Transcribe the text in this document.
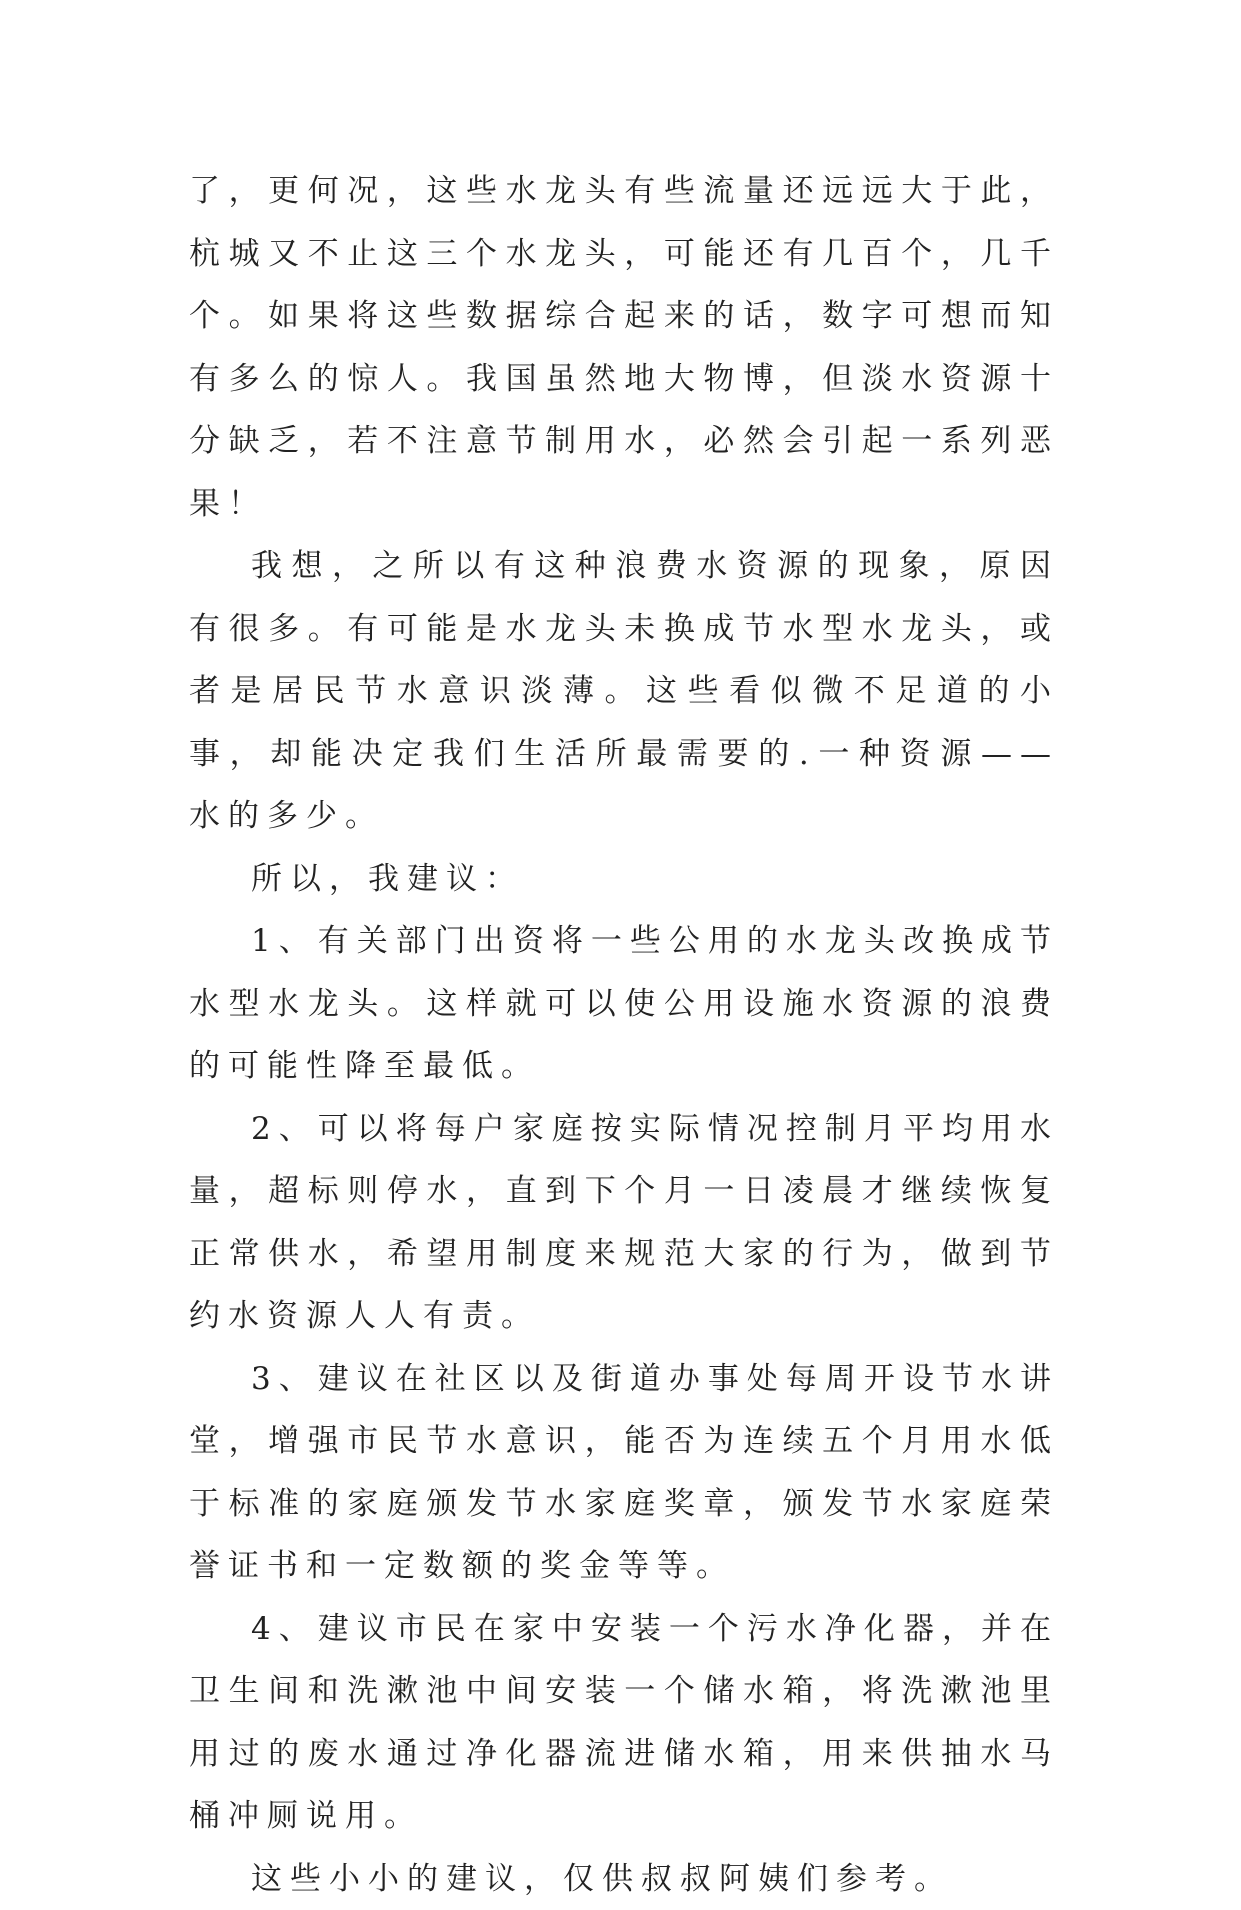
了，更何况，这些水龙头有些流量还远远大于此，杭城又不止这三个水龙头，可能还有几百个，几千个。如果将这些数据综合起来的话，数字可想而知有多么的惊人。我国虽然地大物博，但淡水资源十分缺乏，若不注意节制用水，必然会引起一系列恶果！

我想，之所以有这种浪费水资源的现象，原因有很多。有可能是水龙头未换成节水型水龙头，或者是居民节水意识淡薄。这些看似微不足道的小事，却能决定我们生活所最需要的.一种资源——水的多少。

所以，我建议：

1、有关部门出资将一些公用的水龙头改换成节水型水龙头。这样就可以使公用设施水资源的浪费的可能性降至最低。

2、可以将每户家庭按实际情况控制月平均用水量，超标则停水，直到下个月一日凌晨才继续恢复正常供水，希望用制度来规范大家的行为，做到节约水资源人人有责。

3、建议在社区以及街道办事处每周开设节水讲堂，增强市民节水意识，能否为连续五个月用水低于标准的家庭颁发节水家庭奖章，颁发节水家庭荣誉证书和一定数额的奖金等等。

4、建议市民在家中安装一个污水净化器，并在卫生间和洗漱池中间安装一个储水箱，将洗漱池里用过的废水通过净化器流进储水箱，用来供抽水马桶冲厕说用。

这些小小的建议，仅供叔叔阿姨们参考。
